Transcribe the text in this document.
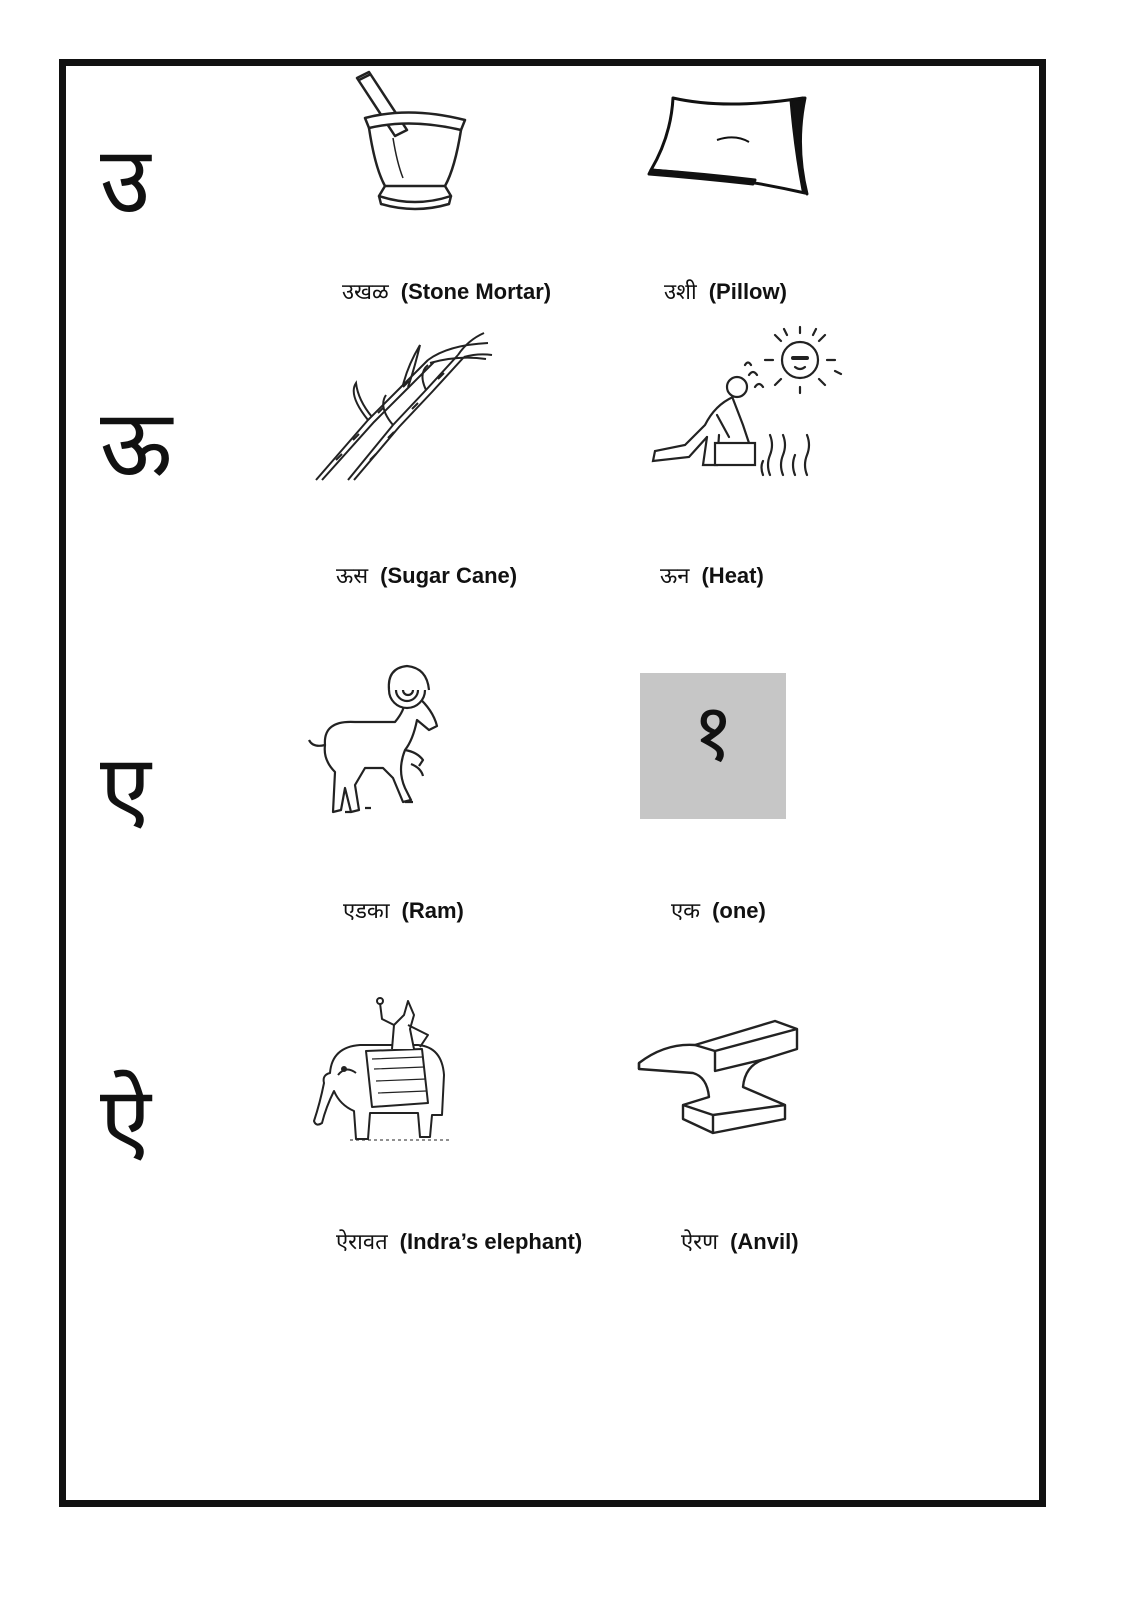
उ
उखळ (Stone Mortar)	उशी (Pillow)
ऊ
ऊस (Sugar Cane)	ऊन (Heat)
ए
१
एडका (Ram)	एक (one)
ऐ
ऐरावत (Indra’s elephant)	ऐरण (Anvil)
